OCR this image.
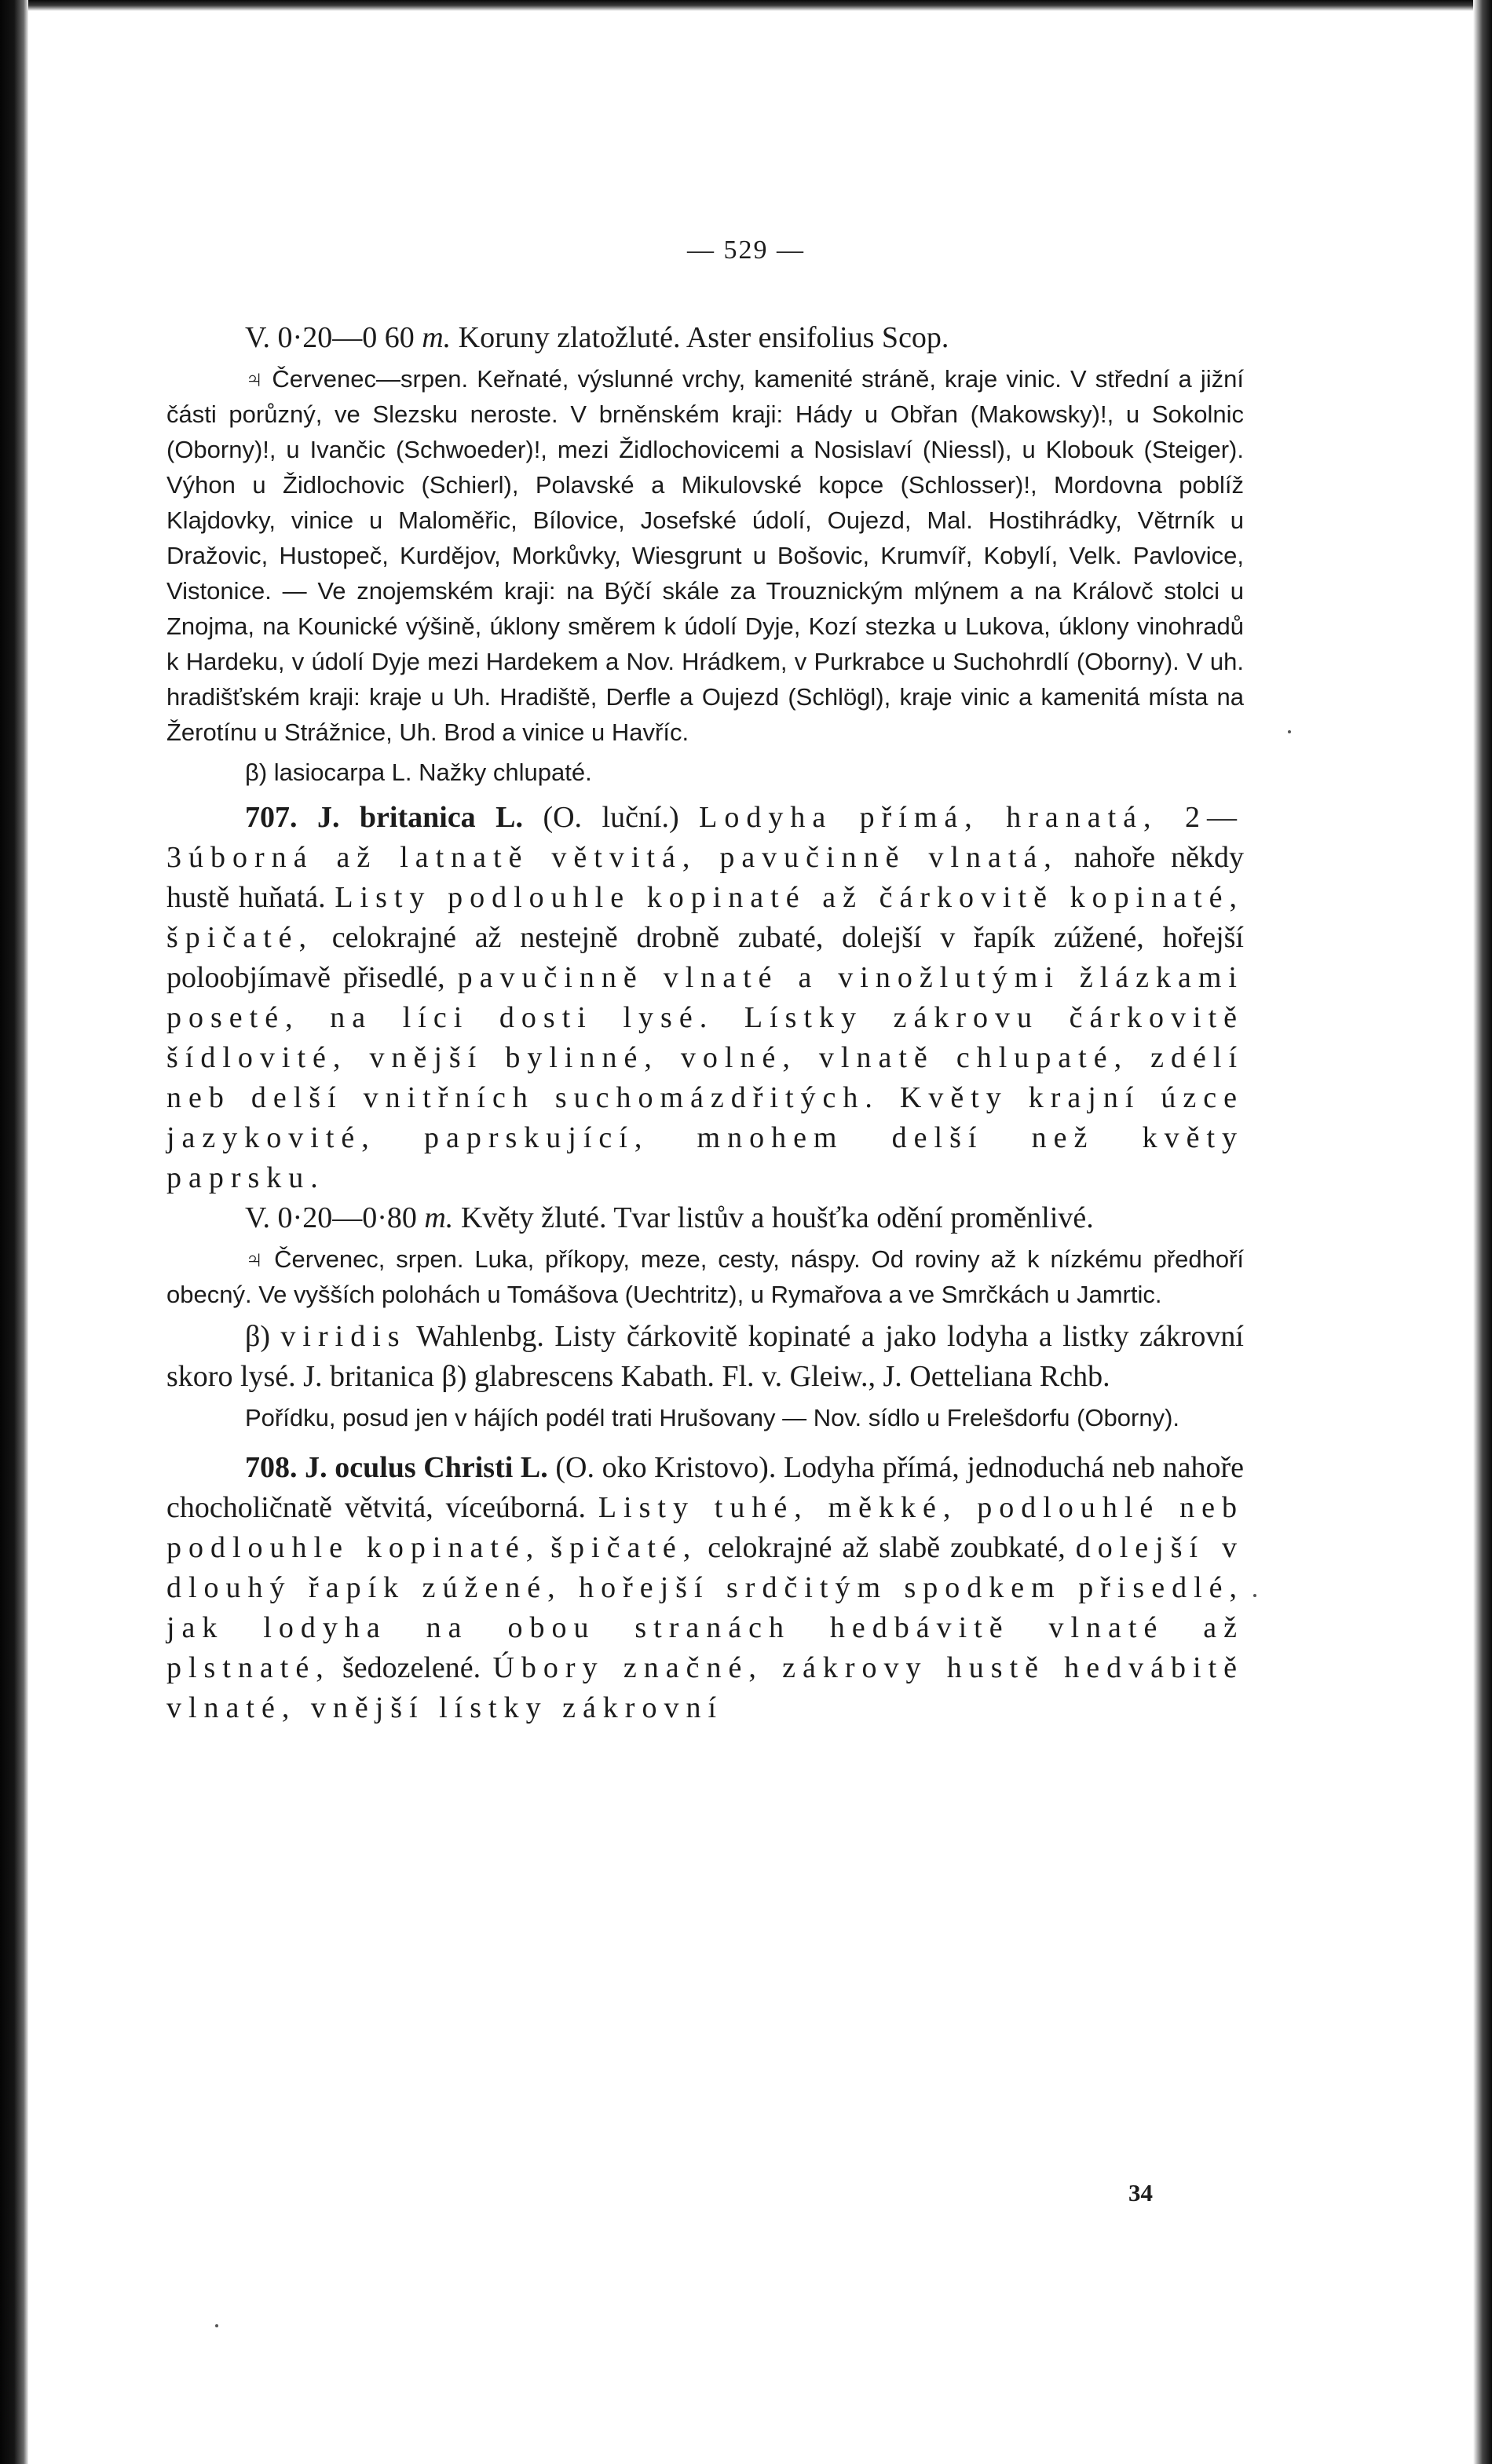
— 529 —

V. 0·20—0 60 m. Koruny zlatožluté. Aster ensifolius Scop.

♃ Červenec—srpen. Keřnaté, výslunné vrchy, kamenité stráně, kraje vinic. V střední a jižní části porůzný, ve Slezsku neroste. V brněnském kraji: Hády u Obřan (Makowsky)!, u Sokolnic (Oborny)!, u Ivančic (Schwoeder)!, mezi Židlochovicemi a Nosislaví (Niessl), u Klobouk (Steiger). Výhon u Židlochovic (Schierl), Polavské a Mikulovské kopce (Schlosser)!, Mordovna poblíž Klajdovky, vinice u Maloměřic, Bílovice, Josefské údolí, Oujezd, Mal. Hostihrádky, Větrník u Dražovic, Hustopeč, Kurdějov, Morkůvky, Wiesgrunt u Bošovic, Krumvíř, Kobylí, Velk. Pavlovice, Vistonice. — Ve znojemském kraji: na Býčí skále za Trouznickým mlýnem a na Královč stolci u Znojma, na Kounické výšině, úklony směrem k údolí Dyje, Kozí stezka u Lukova, úklony vinohradů k Hardeku, v údolí Dyje mezi Hardekem a Nov. Hrádkem, v Purkrabce u Suchohrdlí (Oborny). V uh. hradišťském kraji: kraje u Uh. Hradiště, Derfle a Oujezd (Schlögl), kraje vinic a kamenitá místa na Žerotínu u Strážnice, Uh. Brod a vinice u Havříc.

β) lasiocarpa L. Nažky chlupaté.

707. J. britanica L. (O. luční.) Lodyha přímá, hranatá, 2—3úborná až latnatě větvitá, pavučinně vlnatá, nahoře někdy hustě huňatá. Listy podlouhle kopinaté až čárkovitě kopinaté, špičaté, celokrajné až nestejně drobně zubaté, dolejší v řapík zúžené, hořejší poloobjímavě přisedlé, pavučinně vlnaté a vinožlutými žlázkami poseté, na líci dosti lysé. Lístky zákrovu čárkovitě šídlovité, vnější bylinné, volné, vlnatě chlupaté, zdélí neb delší vnitřních suchomázdřitých. Květy krajní úzce jazykovité, paprskující, mnohem delší než květy paprsku.

V. 0·20—0·80 m. Květy žluté. Tvar listův a houšťka odění proměnlivé.

♃ Červenec, srpen. Luka, příkopy, meze, cesty, náspy. Od roviny až k nízkému předhoří obecný. Ve vyšších polohách u Tomášova (Uechtritz), u Rymařova a ve Smrčkách u Jamrtic.

β) viridis Wahlenbg. Listy čárkovitě kopinaté a jako lodyha a listky zákrovní skoro lysé. J. britanica β) glabrescens Kabath. Fl. v. Gleiw., J. Oetteliana Rchb.

Pořídku, posud jen v hájích podél trati Hrušovany — Nov. sídlo u Frelešdorfu (Oborny).

708. J. oculus Christi L. (O. oko Kristovo). Lodyha přímá, jednoduchá neb nahoře chocholičnatě větvitá, víceúborná. Listy tuhé, měkké, podlouhlé neb podlouhle kopinaté, špičaté, celokrajné až slabě zoubkaté, dolejší v dlouhý řapík zúžené, hořejší srdčitým spodkem přisedlé, jak lodyha na obou stranách hedbávitě vlnaté až plstnaté, šedozelené. Úbory značné, zákrovy hustě hedvábitě vlnaté, vnější lístky zákrovní

34
